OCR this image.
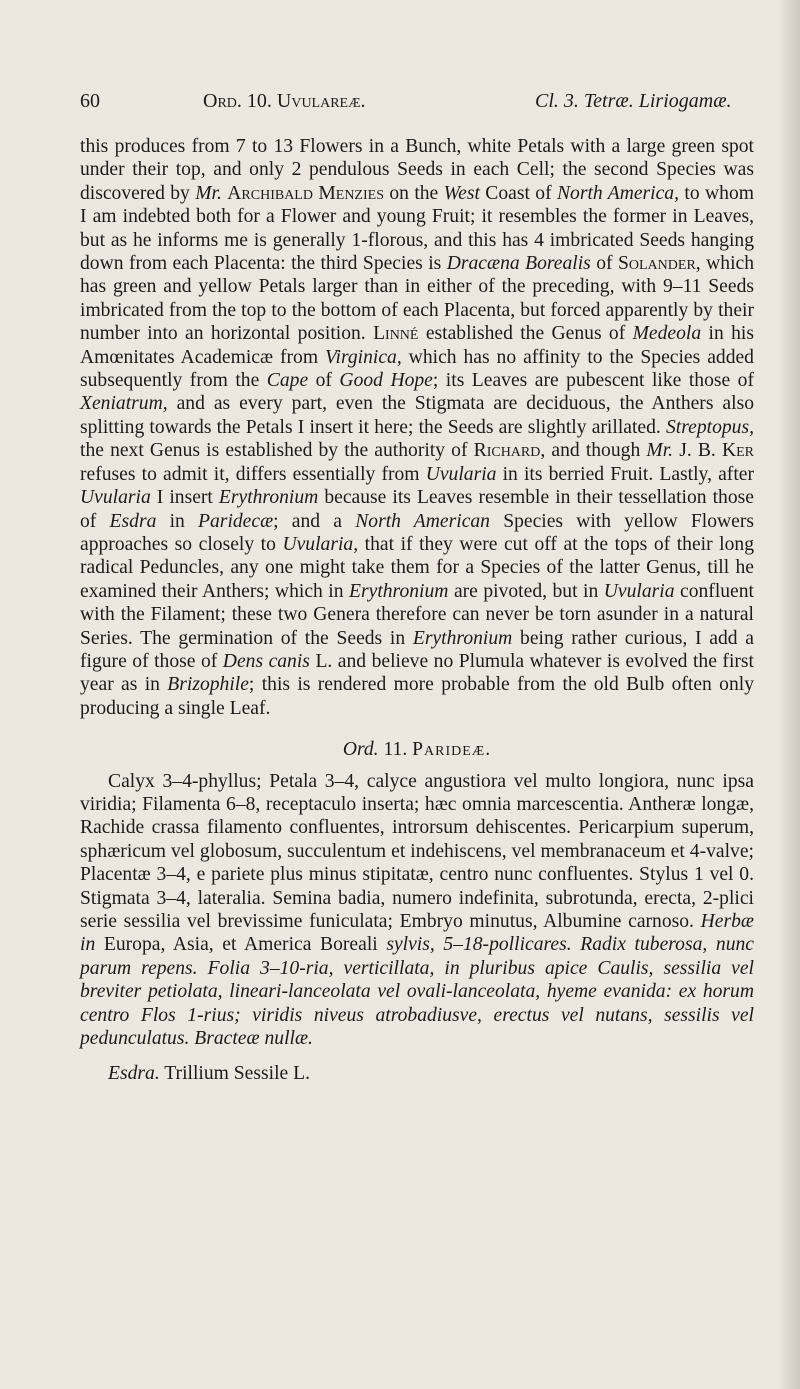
60	Ord. 10. Uvulareæ.	Cl. 3. Tetræ. Liriogamæ.

this produces from 7 to 13 Flowers in a Bunch, white Petals with a large green spot under their top, and only 2 pendulous Seeds in each Cell; the second Species was discovered by Mr. Archibald Menzies on the West Coast of North America, to whom I am indebted both for a Flower and young Fruit; it resembles the former in Leaves, but as he informs me is generally 1-florous, and this has 4 imbricated Seeds hanging down from each Placenta: the third Species is Dracæna Borealis of Solander, which has green and yellow Petals larger than in either of the preceding, with 9–11 Seeds imbricated from the top to the bottom of each Placenta, but forced apparently by their number into an horizontal position. Linné established the Genus of Medeola in his Amœnitates Academicæ from Virginica, which has no affinity to the Species added subsequently from the Cape of Good Hope; its Leaves are pubescent like those of Xeniatrum, and as every part, even the Stigmata are deciduous, the Anthers also splitting towards the Petals I insert it here; the Seeds are slightly arillated. Streptopus, the next Genus is established by the authority of Richard, and though Mr. J. B. Ker refuses to admit it, differs essentially from Uvularia in its berried Fruit. Lastly, after Uvularia I insert Erythronium because its Leaves resemble in their tessellation those of Esdra in Paridecæ; and a North American Species with yellow Flowers approaches so closely to Uvularia, that if they were cut off at the tops of their long radical Peduncles, any one might take them for a Species of the latter Genus, till he examined their Anthers; which in Erythronium are pivoted, but in Uvularia confluent with the Filament; these two Genera therefore can never be torn asunder in a natural Series. The germination of the Seeds in Erythronium being rather curious, I add a figure of those of Dens canis L. and believe no Plumula whatever is evolved the first year as in Brizophile; this is rendered more probable from the old Bulb often only producing a single Leaf.

Ord. 11. Parideæ.

Calyx 3–4-phyllus; Petala 3–4, calyce angustiora vel multo longiora, nunc ipsa viridia; Filamenta 6–8, receptaculo inserta; hæc omnia marcescentia. Antheræ longæ, Rachide crassa filamento confluentes, introrsum dehiscentes. Pericarpium superum, sphæricum vel globosum, succulentum et indehiscens, vel membranaceum et 4-valve; Placentæ 3–4, e pariete plus minus stipitatæ, centro nunc confluentes. Stylus 1 vel 0. Stigmata 3–4, lateralia. Semina badia, numero indefinita, subrotunda, erecta, 2-plici serie sessilia vel brevissime funiculata; Embryo minutus, Albumine carnoso. Herbæ in Europa, Asia, et America Boreali sylvis, 5–18-pollicares. Radix tuberosa, nunc parum repens. Folia 3–10-ria, verticillata, in pluribus apice Caulis, sessilia vel breviter petiolata, lineari-lanceolata vel ovali-lanceolata, hyeme evanida: ex horum centro Flos 1-rius; viridis niveus atrobadiusve, erectus vel nutans, sessilis vel pedunculatus. Bracteæ nullæ.

Esdra. Trillium Sessile L.
